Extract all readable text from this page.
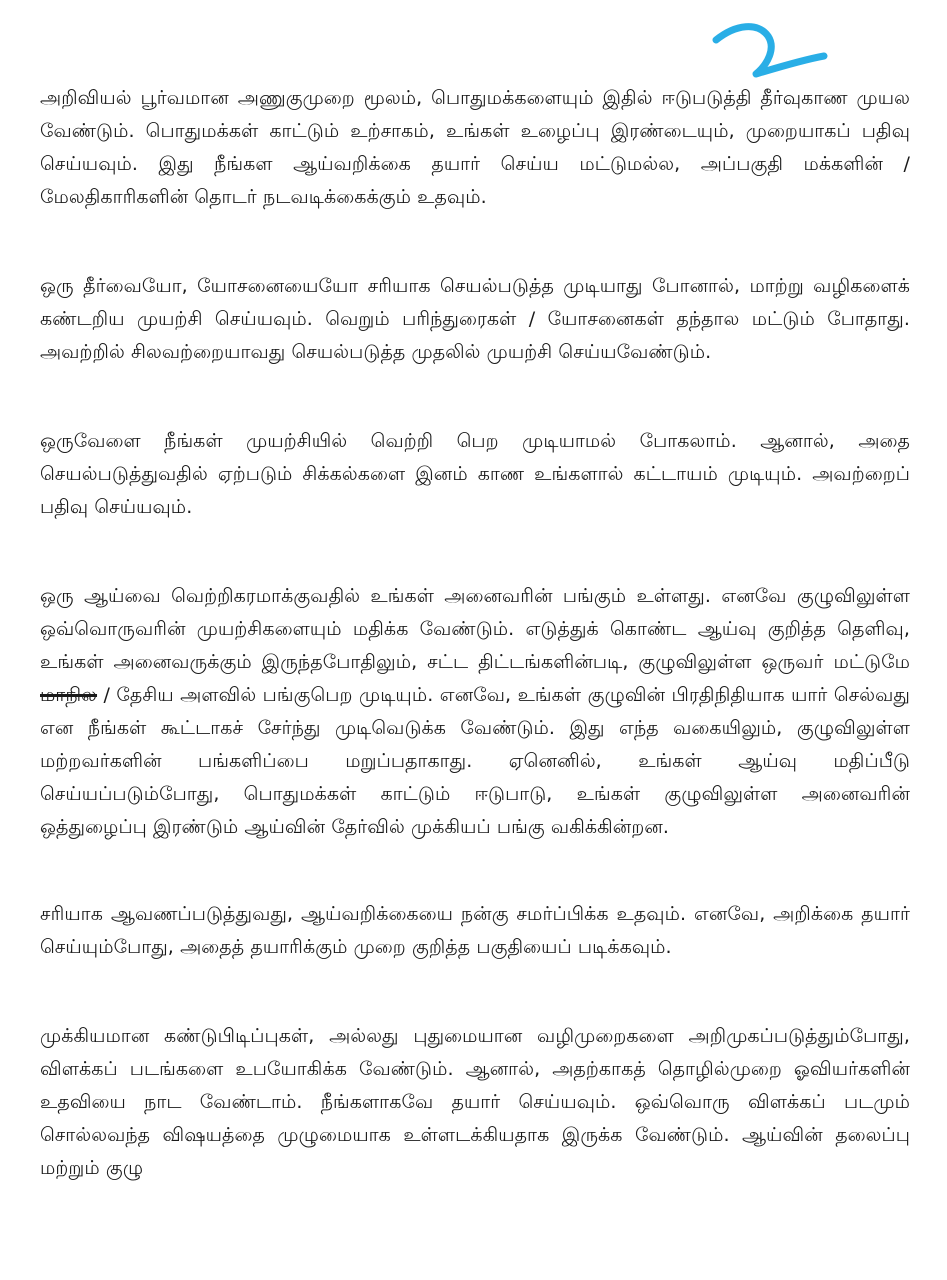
அறிவியல் பூர்வமான அணுகுமுறை மூலம், பொதுமக்களையும் இதில் ஈடுபடுத்தி தீர்வுகாண முயல வேண்டும். பொதுமக்கள் காட்டும் உற்சாகம், உங்கள் உழைப்பு இரண்டையும், முறையாகப் பதிவு செய்யவும். இது நீங்கள ஆய்வறிக்கை தயார் செய்ய மட்டுமல்ல, அப்பகுதி மக்களின் / மேலதிகாரிகளின் தொடர் நடவடிக்கைக்கும் உதவும்.

ஒரு தீர்வையோ, யோசனையையோ சரியாக செயல்படுத்த முடியாது போனால், மாற்று வழிகளைக் கண்டறிய முயற்சி செய்யவும். வெறும் பரிந்துரைகள் / யோசனைகள் தந்தால மட்டும் போதாது. அவற்றில் சிலவற்றையாவது செயல்படுத்த முதலில் முயற்சி செய்யவேண்டும்.

ஒருவேளை நீங்கள் முயற்சியில் வெற்றி பெற முடியாமல் போகலாம். ஆனால், அதை செயல்படுத்துவதில் ஏற்படும் சிக்கல்களை இனம் காண உங்களால் கட்டாயம் முடியும். அவற்றைப் பதிவு செய்யவும்.

ஒரு ஆய்வை வெற்றிகரமாக்குவதில் உங்கள் அனைவரின் பங்கும் உள்ளது. எனவே குழுவிலுள்ள ஒவ்வொருவரின் முயற்சிகளையும் மதிக்க வேண்டும். எடுத்துக் கொண்ட ஆய்வு குறித்த தெளிவு, உங்கள் அனைவருக்கும் இருந்தபோதிலும், சட்ட திட்டங்களின்படி, குழுவிலுள்ள ஒருவர் மட்டுமே மாநில / தேசிய அளவில் பங்குபெற முடியும். எனவே, உங்கள் குழுவின் பிரதிநிதியாக யார் செல்வது என நீங்கள் கூட்டாகச் சேர்ந்து முடிவெடுக்க வேண்டும். இது எந்த வகையிலும், குழுவிலுள்ள மற்றவர்களின் பங்களிப்பை மறுப்பதாகாது. ஏனெனில், உங்கள் ஆய்வு மதிப்பீடு செய்யப்படும்போது, பொதுமக்கள் காட்டும் ஈடுபாடு, உங்கள் குழுவிலுள்ள அனைவரின் ஒத்துழைப்பு இரண்டும் ஆய்வின் தேர்வில் முக்கியப் பங்கு வகிக்கின்றன.

சரியாக ஆவணப்படுத்துவது, ஆய்வறிக்கையை நன்கு சமர்ப்பிக்க உதவும். எனவே, அறிக்கை தயார் செய்யும்போது, அதைத் தயாரிக்கும் முறை குறித்த பகுதியைப் படிக்கவும்.

முக்கியமான கண்டுபிடிப்புகள், அல்லது புதுமையான வழிமுறைகளை அறிமுகப்படுத்தும்போது, விளக்கப் படங்களை உபயோகிக்க வேண்டும். ஆனால், அதற்காகத் தொழில்முறை ஓவியர்களின் உதவியை நாட வேண்டாம். நீங்களாகவே தயார் செய்யவும். ஒவ்வொரு விளக்கப் படமும் சொல்லவந்த விஷயத்தை முழுமையாக உள்ளடக்கியதாக இருக்க வேண்டும். ஆய்வின் தலைப்பு மற்றும் குழு
